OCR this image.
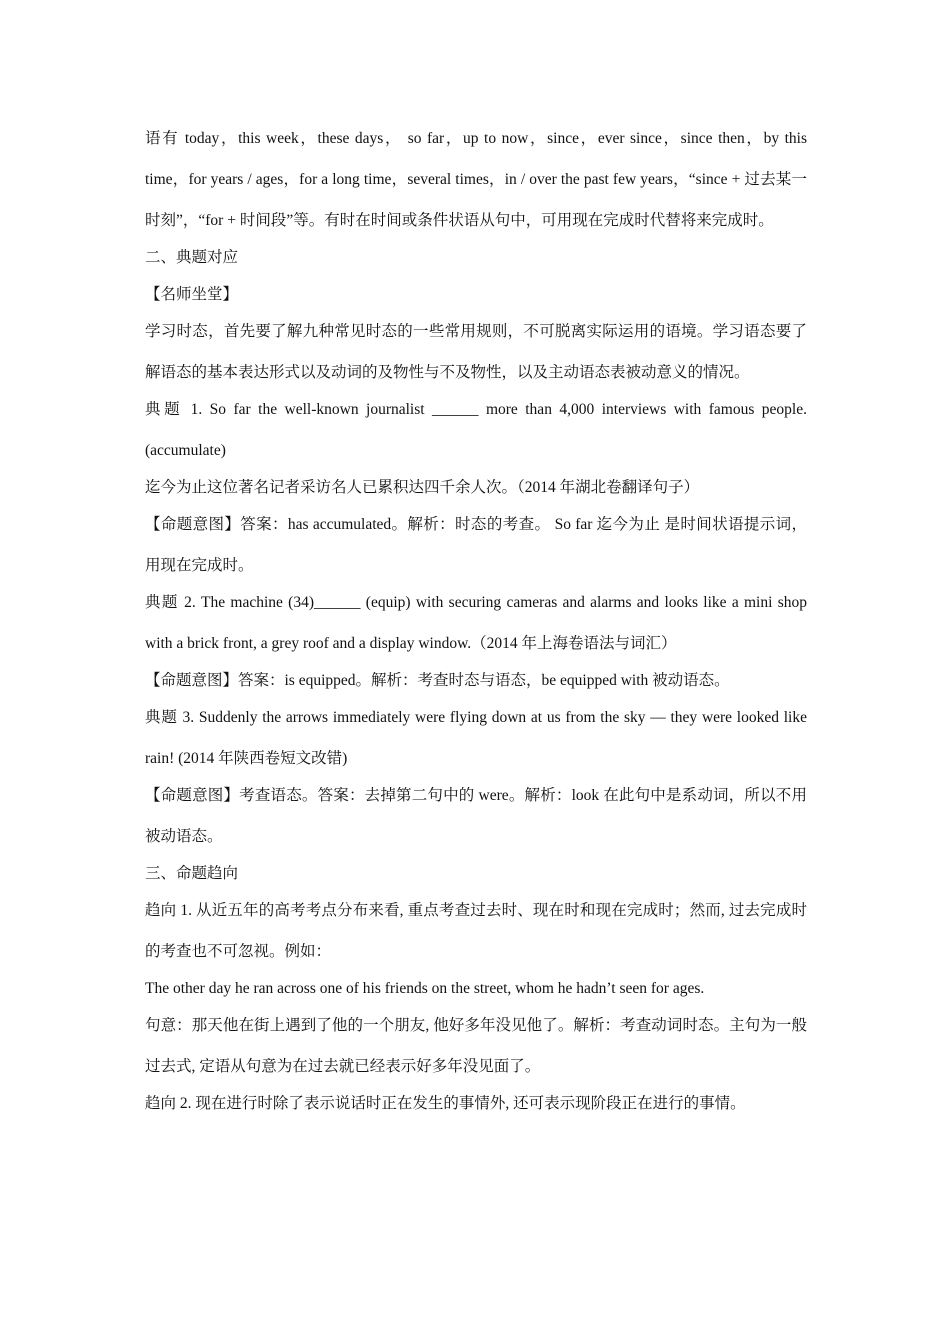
语有 today，this week，these days， so far，up to now，since，ever since，since then，by this time，for years / ages，for a long time，several times，in / over the past few years，“since + 过去某一时刻”，“for + 时间段”等。有时在时间或条件状语从句中，可用现在完成时代替将来完成时。

二、典题对应

【名师坐堂】

学习时态，首先要了解九种常见时态的一些常用规则，不可脱离实际运用的语境。学习语态要了解语态的基本表达形式以及动词的及物性与不及物性，以及主动语态表被动意义的情况。

典题 1. So far the well-known journalist ______ more than 4,000 interviews with famous people. (accumulate)

迄今为止这位著名记者采访名人已累积达四千余人次。（2014 年湖北卷翻译句子）

【命题意图】答案：has accumulated。解析：时态的考查。 So far 迄今为止 是时间状语提示词，用现在完成时。

典题 2. The machine (34)______ (equip) with securing cameras and alarms and looks like a mini shop with a brick front, a grey roof and a display window.（2014 年上海卷语法与词汇）

【命题意图】答案：is equipped。解析：考查时态与语态，be equipped with 被动语态。

典题 3. Suddenly the arrows immediately were flying down at us from the sky — they were looked like rain! (2014 年陕西卷短文改错)

【命题意图】考查语态。答案：去掉第二句中的 were。解析：look 在此句中是系动词，所以不用被动语态。

三、命题趋向

趋向 1. 从近五年的高考考点分布来看, 重点考查过去时、现在时和现在完成时；然而, 过去完成时的考查也不可忽视。例如：

The other day he ran across one of his friends on the street, whom he hadn’t seen for ages.

句意：那天他在街上遇到了他的一个朋友, 他好多年没见他了。解析：考查动词时态。主句为一般过去式, 定语从句意为在过去就已经表示好多年没见面了。

趋向 2. 现在进行时除了表示说话时正在发生的事情外, 还可表示现阶段正在进行的事情。
